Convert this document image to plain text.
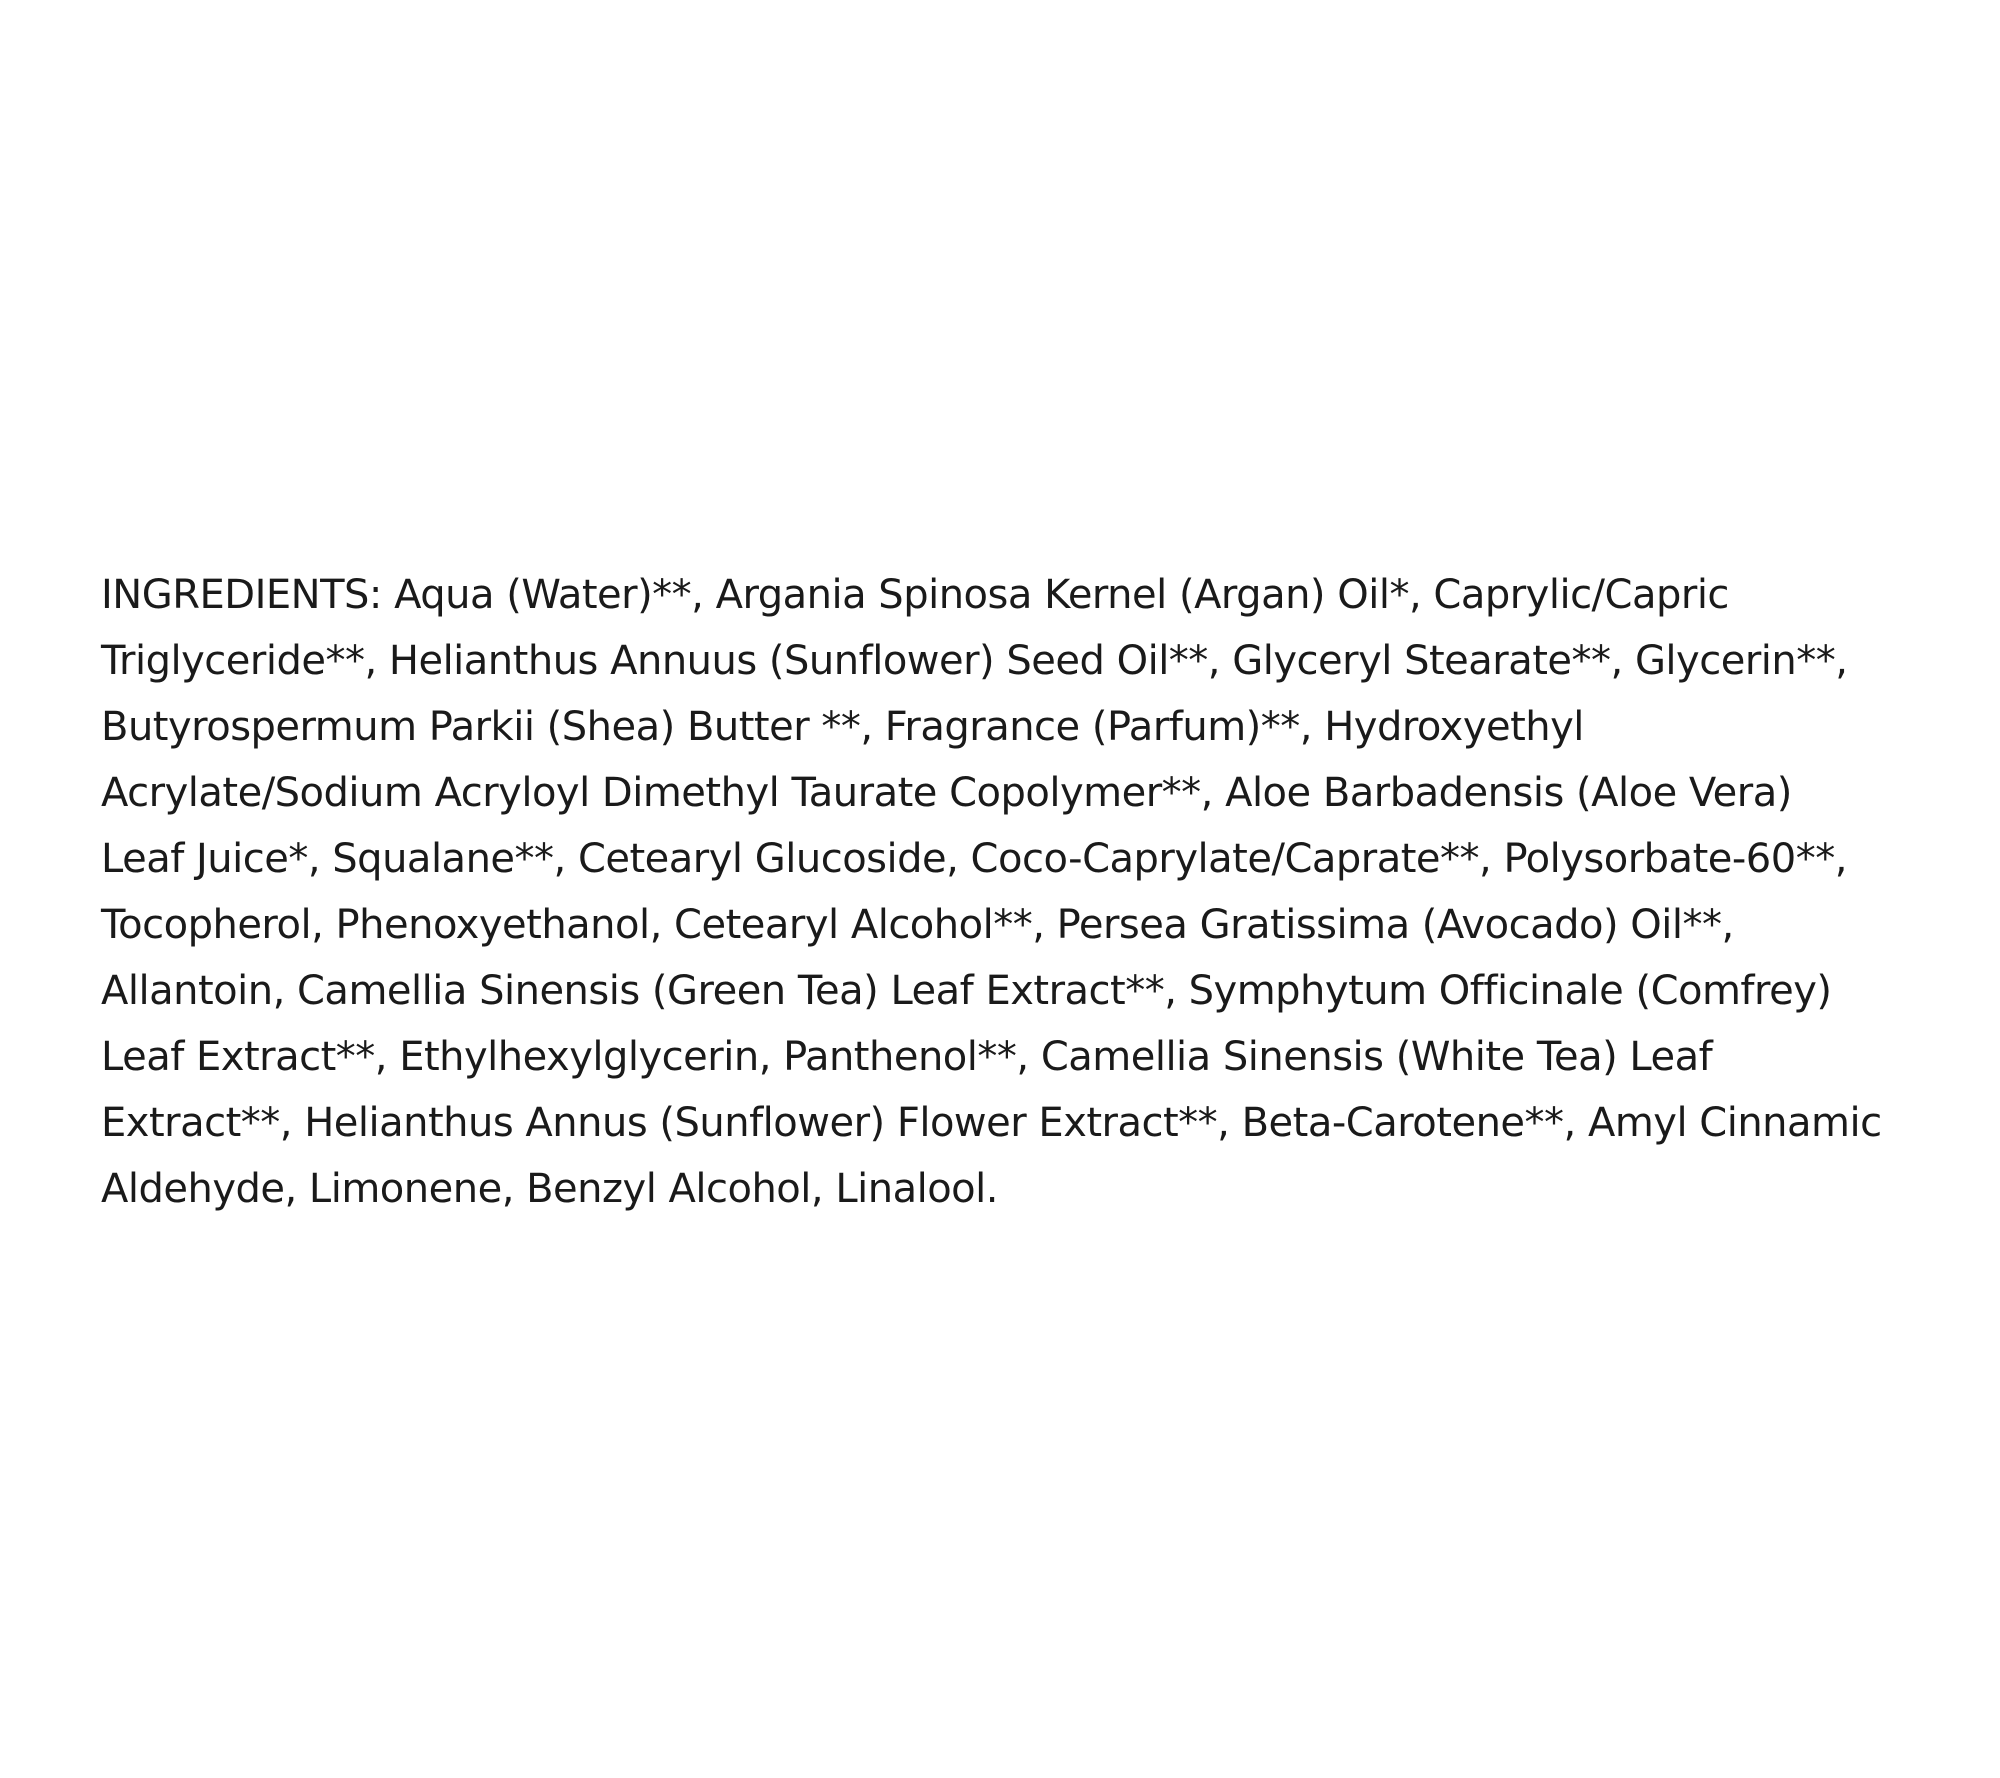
INGREDIENTS: Aqua (Water)**, Argania Spinosa Kernel (Argan) Oil*, Caprylic/Capric
Triglyceride**, Helianthus Annuus (Sunflower) Seed Oil**, Glyceryl Stearate**, Glycerin**,
Butyrospermum Parkii (Shea) Butter **, Fragrance (Parfum)**, Hydroxyethyl
Acrylate/Sodium Acryloyl Dimethyl Taurate Copolymer**, Aloe Barbadensis (Aloe Vera)
Leaf Juice*, Squalane**, Cetearyl Glucoside, Coco-Caprylate/Caprate**, Polysorbate-60**,
Tocopherol, Phenoxyethanol, Cetearyl Alcohol**, Persea Gratissima (Avocado) Oil**,
Allantoin, Camellia Sinensis (Green Tea) Leaf Extract**, Symphytum Officinale (Comfrey)
Leaf Extract**, Ethylhexylglycerin, Panthenol**, Camellia Sinensis (White Tea) Leaf
Extract**, Helianthus Annus (Sunflower) Flower Extract**, Beta-Carotene**, Amyl Cinnamic
Aldehyde, Limonene, Benzyl Alcohol, Linalool.
